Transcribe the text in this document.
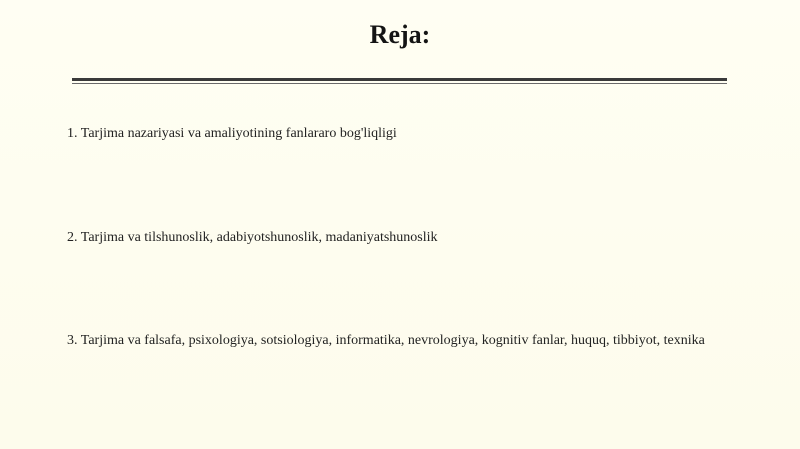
Reja:
1. Tarjima nazariyasi va amaliyotining fanlararo bog'liqligi
2. Tarjima va tilshunoslik, adabiyotshunoslik, madaniyatshunoslik
3. Tarjima va falsafa, psixologiya, sotsiologiya, informatika, nevrologiya, kognitiv fanlar, huquq, tibbiyot, texnika
